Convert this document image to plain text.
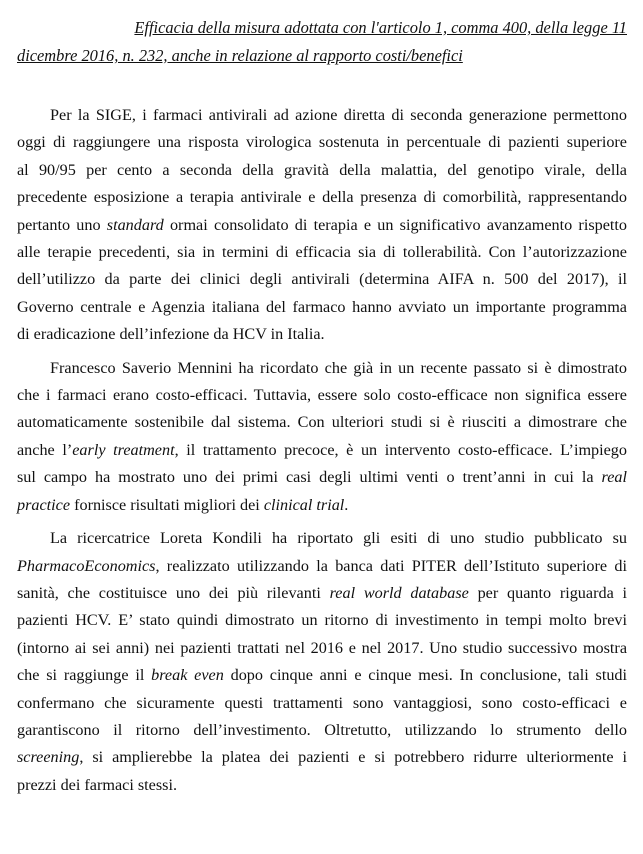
Efficacia della misura adottata con l'articolo 1, comma 400, della legge 11
dicembre 2016, n. 232, anche in relazione al rapporto costi/benefici

Per la SIGE, i farmaci antivirali ad azione diretta di seconda generazione permettono
oggi di raggiungere una risposta virologica sostenuta in percentuale di pazienti superiore
al 90/95 per cento a seconda della gravità della malattia, del genotipo virale, della
precedente esposizione a terapia antivirale e della presenza di comorbilità, rappresentando
pertanto uno standard ormai consolidato di terapia e un significativo avanzamento rispetto
alle terapie precedenti, sia in termini di efficacia sia di tollerabilità. Con l’autorizzazione
dell’utilizzo da parte dei clinici degli antivirali (determina AIFA n. 500 del 2017), il
Governo centrale e Agenzia italiana del farmaco hanno avviato un importante programma
di eradicazione dell’infezione da HCV in Italia.

Francesco Saverio Mennini ha ricordato che già in un recente passato si è dimostrato
che i farmaci erano costo-efficaci. Tuttavia, essere solo costo-efficace non significa essere
automaticamente sostenibile dal sistema. Con ulteriori studi si è riusciti a dimostrare che
anche l’early treatment, il trattamento precoce, è un intervento costo-efficace. L’impiego
sul campo ha mostrato uno dei primi casi degli ultimi venti o trent’anni in cui la real
practice fornisce risultati migliori dei clinical trial.

La ricercatrice Loreta Kondili ha riportato gli esiti di uno studio pubblicato su
PharmacoEconomics, realizzato utilizzando la banca dati PITER dell’Istituto superiore di
sanità, che costituisce uno dei più rilevanti real world database per quanto riguarda i
pazienti HCV. E’ stato quindi dimostrato un ritorno di investimento in tempi molto brevi
(intorno ai sei anni) nei pazienti trattati nel 2016 e nel 2017. Uno studio successivo mostra
che si raggiunge il break even dopo cinque anni e cinque mesi. In conclusione, tali studi
confermano che sicuramente questi trattamenti sono vantaggiosi, sono costo-efficaci e
garantiscono il ritorno dell’investimento. Oltretutto, utilizzando lo strumento dello
screening, si amplierebbe la platea dei pazienti e si potrebbero ridurre ulteriormente i
prezzi dei farmaci stessi.
